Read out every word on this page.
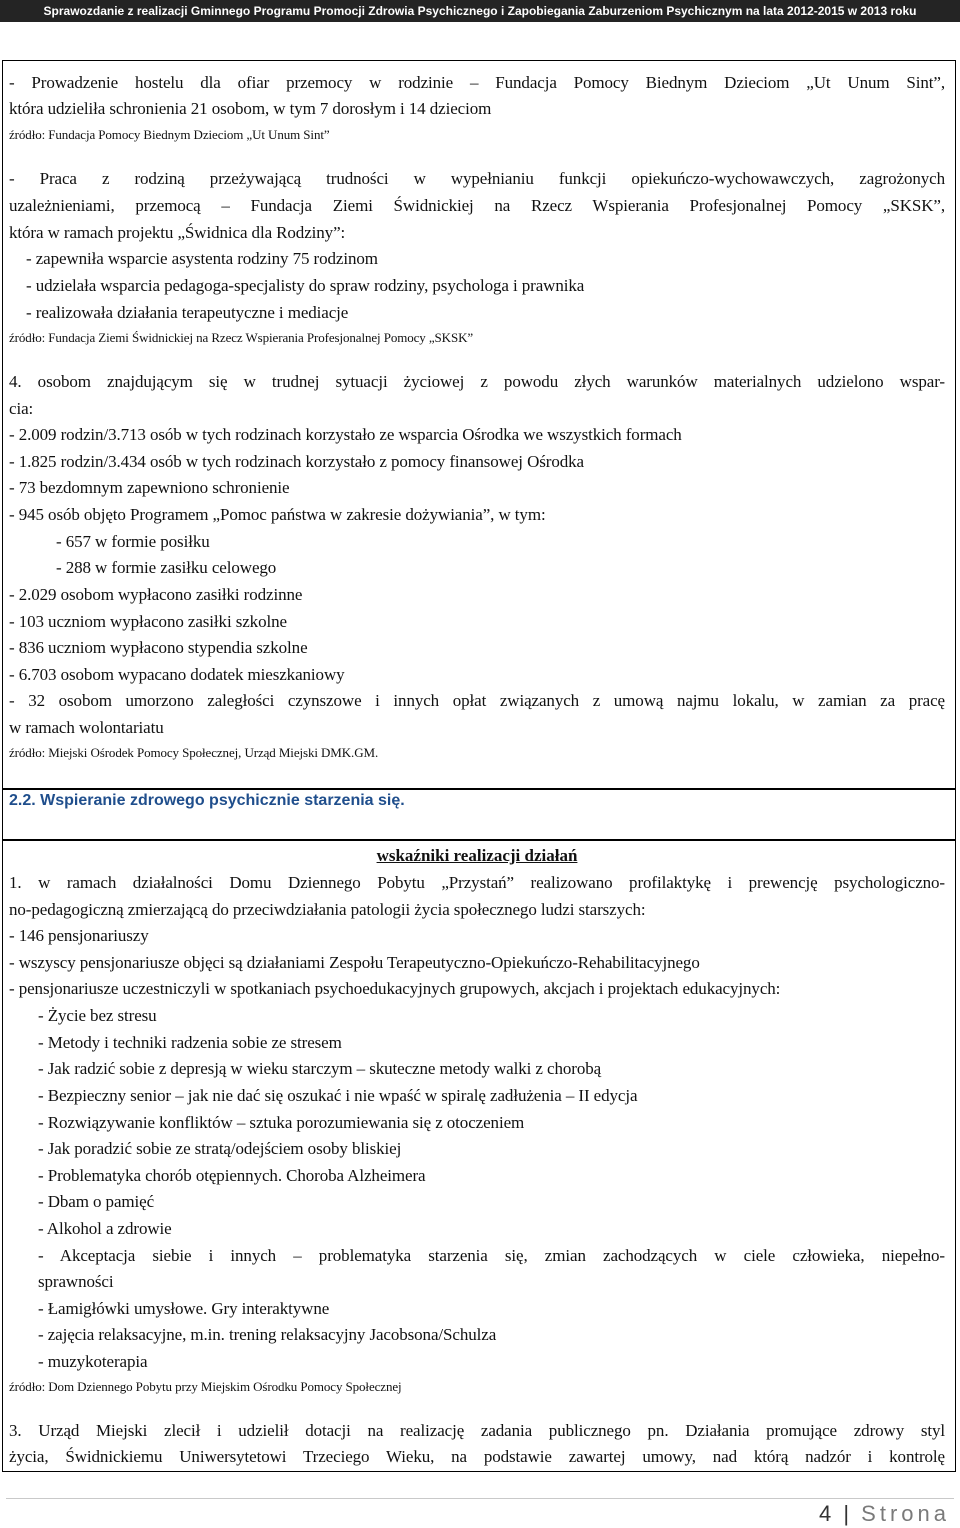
Sprawozdanie z realizacji Gminnego Programu Promocji Zdrowia Psychicznego i Zapobiegania Zaburzeniom Psychicznym na lata 2012-2015 w 2013 roku
- Prowadzenie hostelu dla ofiar przemocy w rodzinie – Fundacja Pomocy Biednym Dzieciom „Ut Unum Sint”,
która udzieliła schronienia 21 osobom, w tym 7 dorosłym i 14 dzieciom
źródło: Fundacja Pomocy Biednym Dzieciom „Ut Unum Sint”
- Praca z rodziną przeżywającą trudności w wypełnianiu funkcji opiekuńczo-wychowawczych, zagrożonych
uzależnieniami, przemocą – Fundacja Ziemi Świdnickiej na Rzecz Wspierania Profesjonalnej Pomocy „SKSK”,
która w ramach projektu „Świdnica dla Rodziny”:
- zapewniła wsparcie asystenta rodziny 75 rodzinom
- udzielała wsparcia pedagoga-specjalisty do spraw rodziny, psychologa i prawnika
- realizowała działania terapeutyczne i mediacje
źródło: Fundacja Ziemi Świdnickiej na Rzecz Wspierania Profesjonalnej Pomocy „SKSK”
4. osobom znajdującym się w trudnej sytuacji życiowej z powodu złych warunków materialnych udzielono wspar-
cia:
- 2.009 rodzin/3.713 osób w tych rodzinach korzystało ze wsparcia Ośrodka we wszystkich formach
- 1.825 rodzin/3.434 osób w tych rodzinach korzystało z pomocy finansowej Ośrodka
- 73 bezdomnym zapewniono schronienie
- 945 osób objęto Programem „Pomoc państwa w zakresie dożywiania”, w tym:
- 657 w formie posiłku
- 288 w formie zasiłku celowego
- 2.029 osobom wypłacono zasiłki rodzinne
- 103 uczniom wypłacono zasiłki szkolne
- 836 uczniom wypłacono stypendia szkolne
- 6.703 osobom wypacano dodatek mieszkaniowy
- 32 osobom umorzono zaległości czynszowe i innych opłat związanych z umową najmu lokalu, w zamian za pracę
w ramach wolontariatu
źródło: Miejski Ośrodek Pomocy Społecznej, Urząd Miejski DMK.GM.
2.2. Wspieranie zdrowego psychicznie starzenia się.
wskaźniki realizacji działań
1. w ramach działalności Domu Dziennego Pobytu „Przystań” realizowano profilaktykę i prewencję psychologiczno-
no-pedagogiczną zmierzającą do przeciwdziałania patologii życia społecznego ludzi starszych:
- 146 pensjonariuszy
- wszyscy pensjonariusze objęci są działaniami Zespołu Terapeutyczno-Opiekuńczo-Rehabilitacyjnego
- pensjonariusze uczestniczyli w spotkaniach psychoedukacyjnych grupowych, akcjach i projektach edukacyjnych:
- Życie bez stresu
- Metody i techniki radzenia sobie ze stresem
- Jak radzić sobie z depresją w wieku starczym – skuteczne metody walki z chorobą
- Bezpieczny senior – jak nie dać się oszukać i nie wpaść w spiralę zadłużenia – II edycja
- Rozwiązywanie konfliktów – sztuka porozumiewania się z otoczeniem
- Jak poradzić sobie ze stratą/odejściem osoby bliskiej
- Problematyka chorób otępiennych. Choroba Alzheimera
- Dbam o pamięć
- Alkohol a zdrowie
- Akceptacja siebie i innych – problematyka starzenia się, zmian zachodzących w ciele człowieka, niepełno-
sprawności
- Łamigłówki umysłowe. Gry interaktywne
- zajęcia relaksacyjne, m.in. trening relaksacyjny Jacobsona/Schulza
- muzykoterapia
źródło: Dom Dziennego Pobytu przy Miejskim Ośrodku Pomocy Społecznej
3. Urząd Miejski zlecił i udzielił dotacji na realizację zadania publicznego pn. Działania promujące zdrowy styl
życia, Świdnickiemu Uniwersytetowi Trzeciego Wieku, na podstawie zawartej umowy, nad którą nadzór i kontrolę
4 | Strona
